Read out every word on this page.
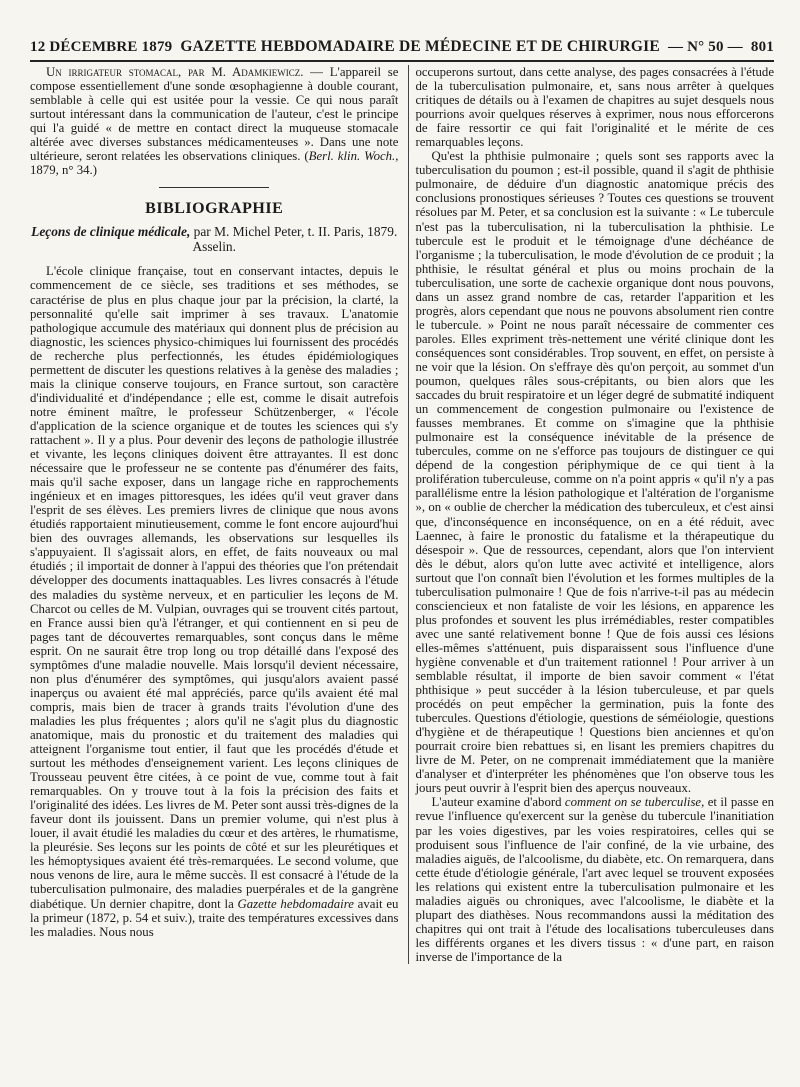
12 DÉCEMBRE 1879 GAZETTE HEBDOMADAIRE DE MÉDECINE ET DE CHIRURGIE — N° 50 — 801

Un irrigateur stomacal, par M. Adamkiewicz. — L'appareil se compose essentiellement d'une sonde œsophagienne à double courant, semblable à celle qui est usitée pour la vessie. Ce qui nous paraît surtout intéressant dans la communication de l'auteur, c'est le principe qui l'a guidé « de mettre en contact direct la muqueuse stomacale altérée avec diverses substances médicamenteuses ». Dans une note ultérieure, seront relatées les observations cliniques. (Berl. klin. Woch., 1879, n° 34.)

BIBLIOGRAPHIE
Leçons de clinique médicale, par M. Michel Peter, t. II. Paris, 1879. Asselin.

L'école clinique française, tout en conservant intactes, depuis le commencement de ce siècle, ses traditions et ses méthodes, se caractérise de plus en plus chaque jour par la précision, la clarté, la personnalité qu'elle sait imprimer à ses travaux. L'anatomie pathologique accumule des matériaux qui donnent plus de précision au diagnostic, les sciences physico-chimiques lui fournissent des procédés de recherche plus perfectionnés, les études épidémiologiques permettent de discuter les questions relatives à la genèse des maladies ; mais la clinique conserve toujours, en France surtout, son caractère d'individualité et d'indépendance ; elle est, comme le disait autrefois notre éminent maître, le professeur Schützenberger, « l'école d'application de la science organique et de toutes les sciences qui s'y rattachent ». Il y a plus. Pour devenir des leçons de pathologie illustrée et vivante, les leçons cliniques doivent être attrayantes. Il est donc nécessaire que le professeur ne se contente pas d'énumérer des faits, mais qu'il sache exposer, dans un langage riche en rapprochements ingénieux et en images pittoresques, les idées qu'il veut graver dans l'esprit de ses élèves. Les premiers livres de clinique que nous avons étudiés rapportaient minutieusement, comme le font encore aujourd'hui bien des ouvrages allemands, les observations sur lesquelles ils s'appuyaient. Il s'agissait alors, en effet, de faits nouveaux ou mal étudiés ; il importait de donner à l'appui des théories que l'on prétendait développer des documents inattaquables. Les livres consacrés à l'étude des maladies du système nerveux, et en particulier les leçons de M. Charcot ou celles de M. Vulpian, ouvrages qui se trouvent cités partout, en France aussi bien qu'à l'étranger, et qui contiennent en si peu de pages tant de découvertes remarquables, sont conçus dans le même esprit. On ne saurait être trop long ou trop détaillé dans l'exposé des symptômes d'une maladie nouvelle. Mais lorsqu'il devient nécessaire, non plus d'énumérer des symptômes, qui jusqu'alors avaient passé inaperçus ou avaient été mal appréciés, parce qu'ils avaient été mal compris, mais bien de tracer à grands traits l'évolution d'une des maladies les plus fréquentes ; alors qu'il ne s'agit plus du diagnostic anatomique, mais du pronostic et du traitement des maladies qui atteignent l'organisme tout entier, il faut que les procédés d'étude et surtout les méthodes d'enseignement varient. Les leçons cliniques de Trousseau peuvent être citées, à ce point de vue, comme tout à fait remarquables. On y trouve tout à la fois la précision des faits et l'originalité des idées. Les livres de M. Peter sont aussi très-dignes de la faveur dont ils jouissent. Dans un premier volume, qui n'est plus à louer, il avait étudié les maladies du cœur et des artères, le rhumatisme, la pleurésie. Ses leçons sur les points de côté et sur les pleurétiques et les hémoptysiques avaient été très-remarquées. Le second volume, que nous venons de lire, aura le même succès. Il est consacré à l'étude de la tuberculisation pulmonaire, des maladies puerpérales et de la gangrène diabétique. Un dernier chapitre, dont la Gazette hebdomadaire avait eu la primeur (1872, p. 54 et suiv.), traite des températures excessives dans les maladies. Nous nous

occuperons surtout, dans cette analyse, des pages consacrées à l'étude de la tuberculisation pulmonaire, et, sans nous arrêter à quelques critiques de détails ou à l'examen de chapitres au sujet desquels nous pourrions avoir quelques réserves à exprimer, nous nous efforcerons de faire ressortir ce qui fait l'originalité et le mérite de ces remarquables leçons.

Qu'est la phthisie pulmonaire ; quels sont ses rapports avec la tuberculisation du poumon ; est-il possible, quand il s'agit de phthisie pulmonaire, de déduire d'un diagnostic anatomique précis des conclusions pronostiques sérieuses ? Toutes ces questions se trouvent résolues par M. Peter, et sa conclusion est la suivante : « Le tubercule n'est pas la tuberculisation, ni la tuberculisation la phthisie. Le tubercule est le produit et le témoignage d'une déchéance de l'organisme ; la tuberculisation, le mode d'évolution de ce produit ; la phthisie, le résultat général et plus ou moins prochain de la tuberculisation, une sorte de cachexie organique dont nous pouvons, dans un assez grand nombre de cas, retarder l'apparition et les progrès, alors cependant que nous ne pouvons absolument rien contre le tubercule. » Point ne nous paraît nécessaire de commenter ces paroles. Elles expriment très-nettement une vérité clinique dont les conséquences sont considérables. Trop souvent, en effet, on persiste à ne voir que la lésion. On s'effraye dès qu'on perçoit, au sommet d'un poumon, quelques râles sous-crépitants, ou bien alors que les saccades du bruit respiratoire et un léger degré de submatité indiquent un commencement de congestion pulmonaire ou l'existence de fausses membranes. Et comme on s'imagine que la phthisie pulmonaire est la conséquence inévitable de la présence de tubercules, comme on ne s'efforce pas toujours de distinguer ce qui dépend de la congestion périphymique de ce qui tient à la prolifération tuberculeuse, comme on n'a point appris « qu'il n'y a pas parallélisme entre la lésion pathologique et l'altération de l'organisme », on « oublie de chercher la médication des tuberculeux, et c'est ainsi que, d'inconséquence en inconséquence, on en a été réduit, avec Laennec, à faire le pronostic du fatalisme et la thérapeutique du désespoir ». Que de ressources, cependant, alors que l'on intervient dès le début, alors qu'on lutte avec activité et intelligence, alors surtout que l'on connaît bien l'évolution et les formes multiples de la tuberculisation pulmonaire ! Que de fois n'arrive-t-il pas au médecin consciencieux et non fataliste de voir les lésions, en apparence les plus profondes et souvent les plus irrémédiables, rester compatibles avec une santé relativement bonne ! Que de fois aussi ces lésions elles-mêmes s'atténuent, puis disparaissent sous l'influence d'une hygiène convenable et d'un traitement rationnel ! Pour arriver à un semblable résultat, il importe de bien savoir comment « l'état phthisique » peut succéder à la lésion tuberculeuse, et par quels procédés on peut empêcher la germination, puis la fonte des tubercules. Questions d'étiologie, questions de séméiologie, questions d'hygiène et de thérapeutique ! Questions bien anciennes et qu'on pourrait croire bien rebattues si, en lisant les premiers chapitres du livre de M. Peter, on ne comprenait immédiatement que la manière d'analyser et d'interpréter les phénomènes que l'on observe tous les jours peut ouvrir à l'esprit bien des aperçus nouveaux.

L'auteur examine d'abord comment on se tuberculise, et il passe en revue l'influence qu'exercent sur la genèse du tubercule l'inanitiation par les voies digestives, par les voies respiratoires, celles qui se produisent sous l'influence de l'air confiné, de la vie urbaine, des maladies aiguës, de l'alcoolisme, du diabète, etc. On remarquera, dans cette étude d'étiologie générale, l'art avec lequel se trouvent exposées les relations qui existent entre la tuberculisation pulmonaire et les maladies aiguës ou chroniques, avec l'alcoolisme, le diabète et la plupart des diathèses. Nous recommandons aussi la méditation des chapitres qui ont trait à l'étude des localisations tuberculeuses dans les différents organes et les divers tissus : « d'une part, en raison inverse de l'importance de la
